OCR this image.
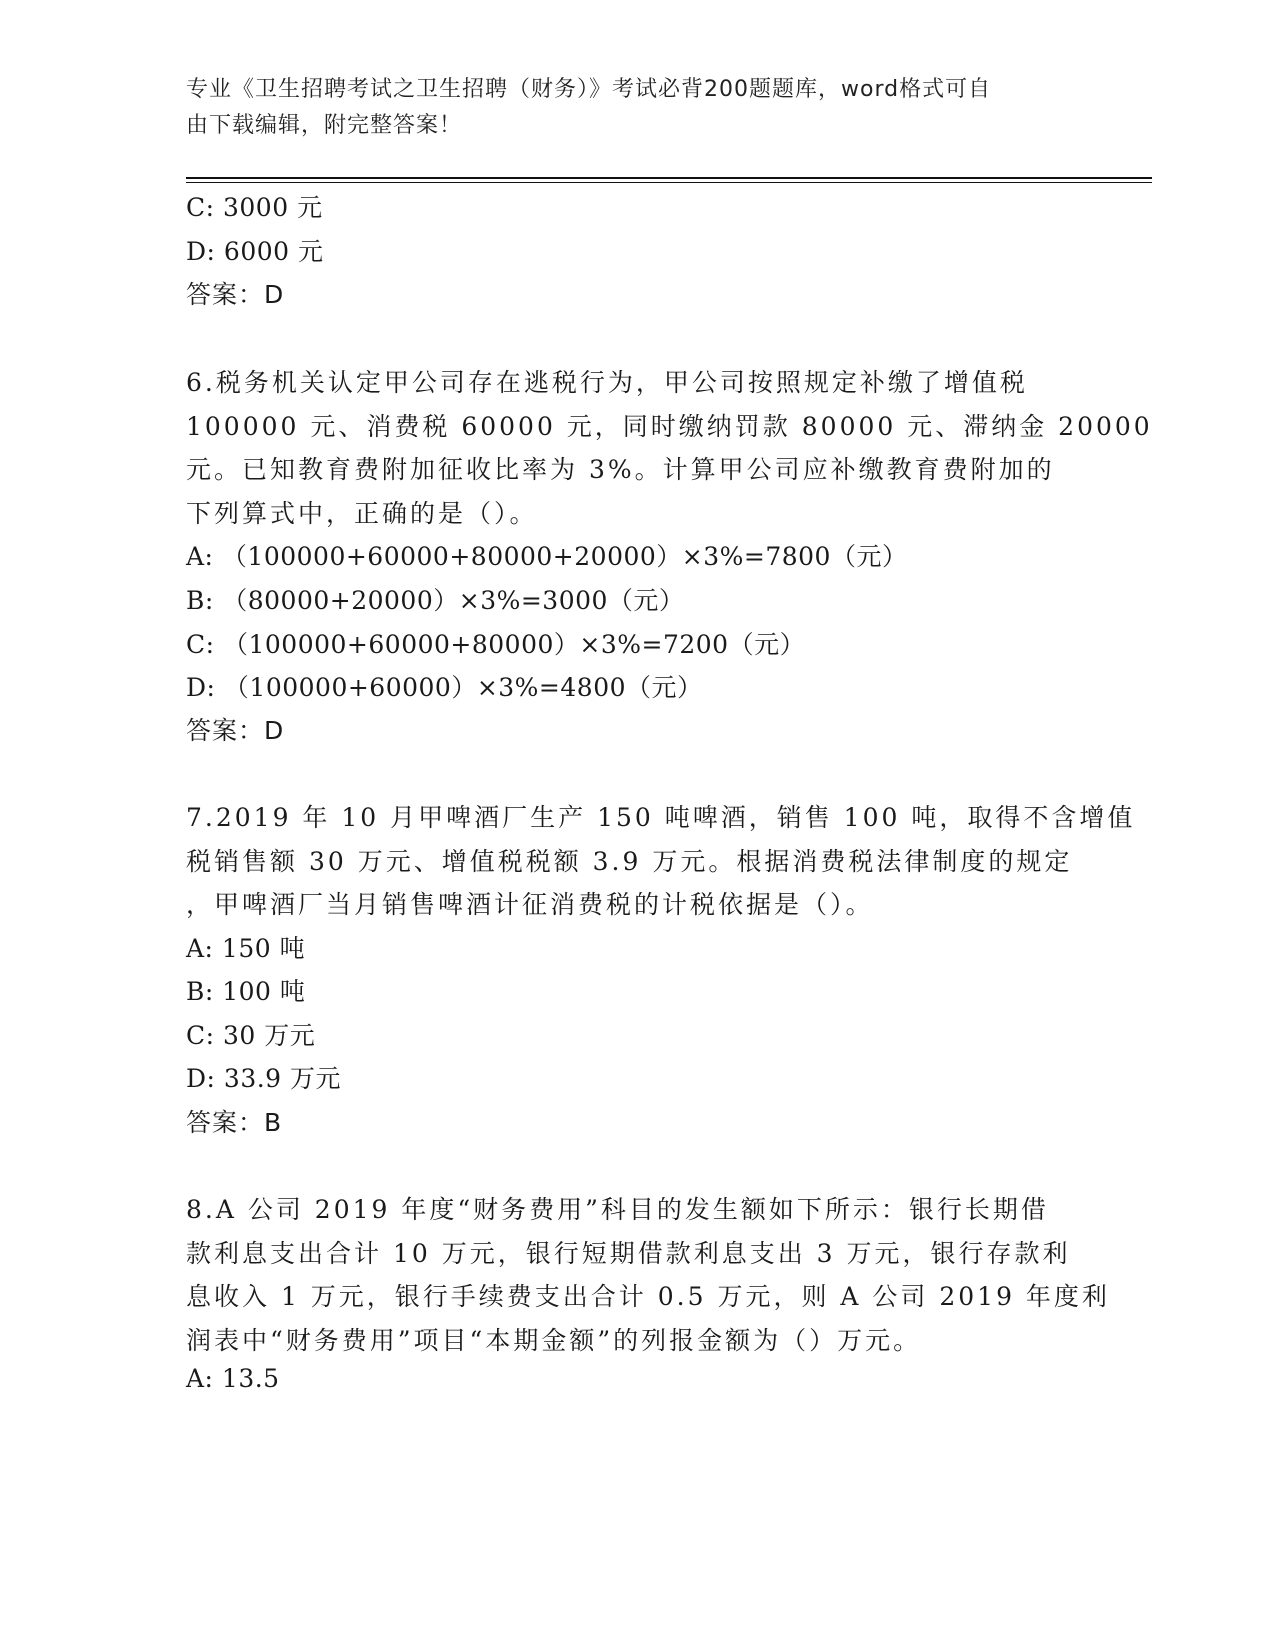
专业《卫生招聘考试之卫生招聘（财务）》考试必背200题题库，word格式可自
由下载编辑，附完整答案！
C: 3000 元
D: 6000 元
答案：D
6.税务机关认定甲公司存在逃税行为，甲公司按照规定补缴了增值税
100000 元、消费税 60000 元，同时缴纳罚款 80000 元、滞纳金 20000
元。已知教育费附加征收比率为 3%。计算甲公司应补缴教育费附加的
下列算式中，正确的是（）。
A: （100000+60000+80000+20000）×3%=7800（元）
B: （80000+20000）×3%=3000（元）
C: （100000+60000+80000）×3%=7200（元）
D: （100000+60000）×3%=4800（元）
答案：D
7.2019 年 10 月甲啤酒厂生产 150 吨啤酒，销售 100 吨，取得不含增值
税销售额 30 万元、增值税税额 3.9 万元。根据消费税法律制度的规定
，甲啤酒厂当月销售啤酒计征消费税的计税依据是（）。
A: 150 吨
B: 100 吨
C: 30 万元
D: 33.9 万元
答案：B
8.A 公司 2019 年度“财务费用”科目的发生额如下所示：银行长期借
款利息支出合计 10 万元，银行短期借款利息支出 3 万元，银行存款利
息收入 1 万元，银行手续费支出合计 0.5 万元，则 A 公司 2019 年度利
润表中“财务费用”项目“本期金额”的列报金额为（）万元。
A: 13.5
